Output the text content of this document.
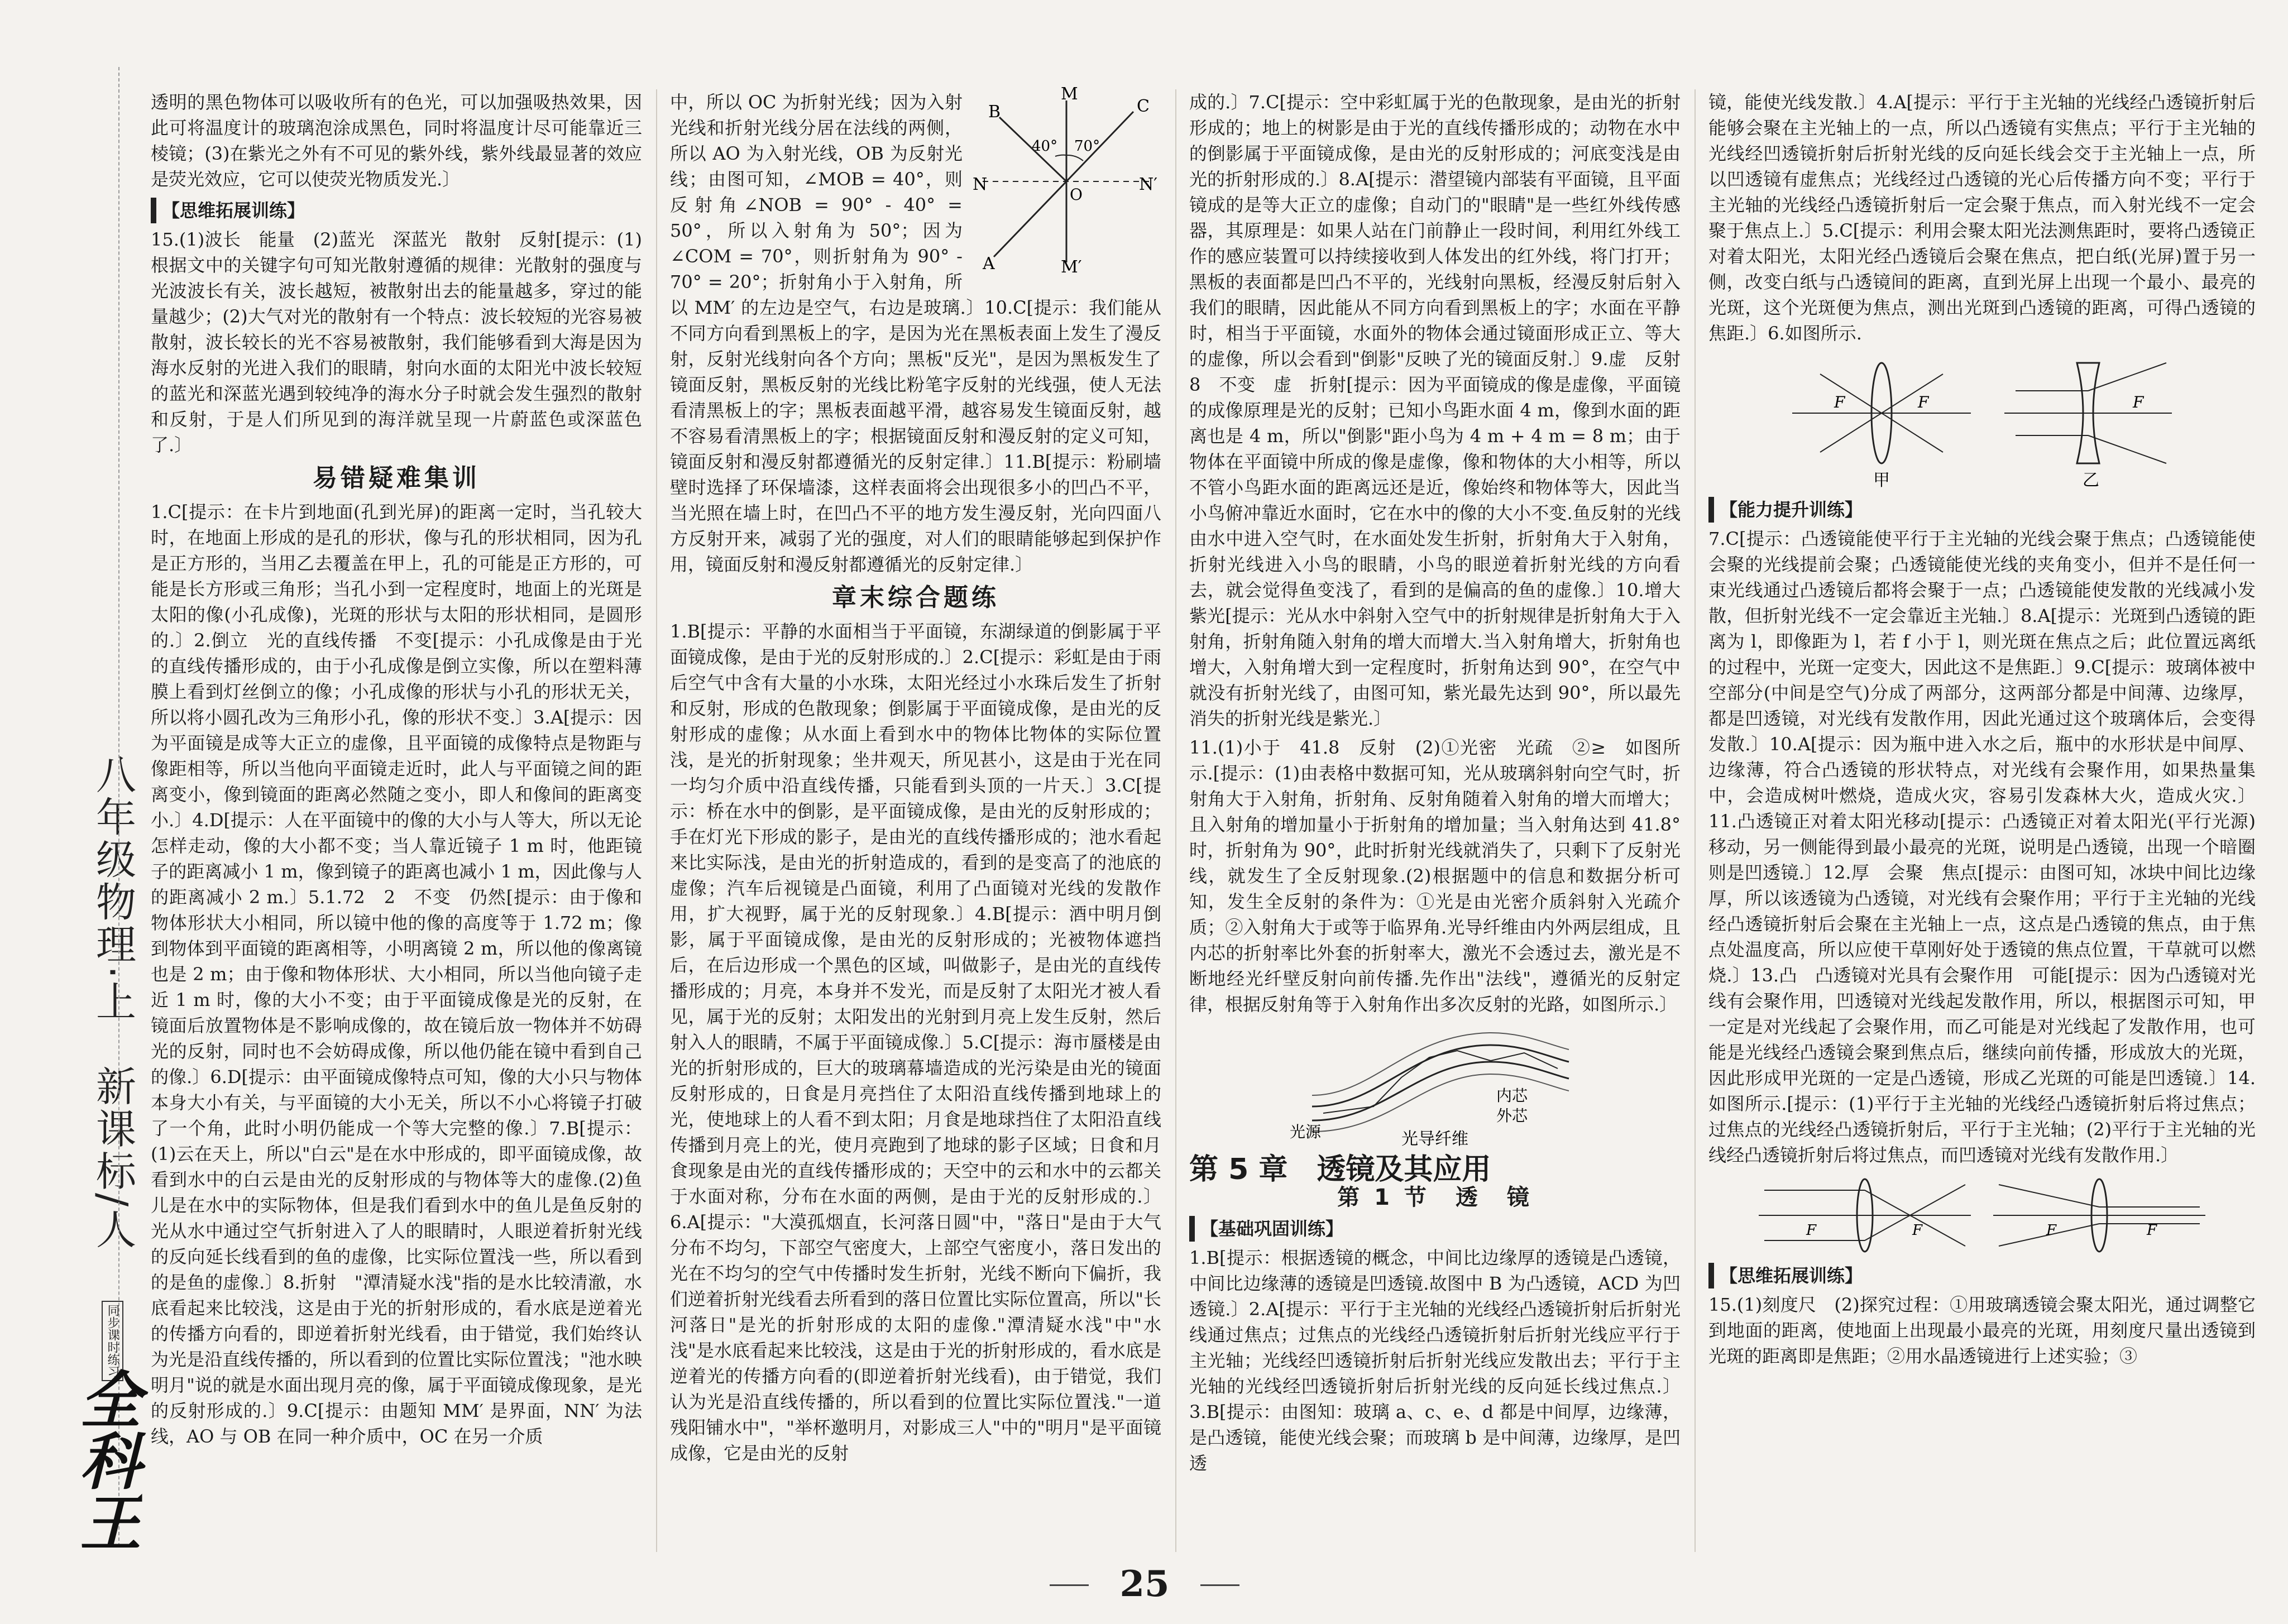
八年级物理·上　新课标/人
同步课时练习
全科王

透明的黑色物体可以吸收所有的色光，可以加强吸热效果，因此可将温度计的玻璃泡涂成黑色，同时将温度计尽可能靠近三棱镜；(3)在紫光之外有不可见的紫外线，紫外线最显著的效应是荧光效应，它可以使荧光物质发光.〕

【思维拓展训练】

15.(1)波长　能量　(2)蓝光　深蓝光　散射　反射[提示：(1)根据文中的关键字句可知光散射遵循的规律：光散射的强度与光波波长有关，波长越短，被散射出去的能量越多，穿过的能量越少；(2)大气对光的散射有一个特点：波长较短的光容易被散射，波长较长的光不容易被散射，我们能够看到大海是因为海水反射的光进入我们的眼睛，射向水面的太阳光中波长较短的蓝光和深蓝光遇到较纯净的海水分子时就会发生强烈的散射和反射，于是人们所见到的海洋就呈现一片蔚蓝色或深蓝色了.〕

易错疑难集训

1.C[提示：在卡片到地面(孔到光屏)的距离一定时，当孔较大时，在地面上形成的是孔的形状，像与孔的形状相同，因为孔是正方形的，当用乙去覆盖在甲上，孔的可能是正方形的，可能是长方形或三角形；当孔小到一定程度时，地面上的光斑是太阳的像(小孔成像)，光斑的形状与太阳的形状相同，是圆形的.〕2.倒立　光的直线传播　不变[提示：小孔成像是由于光的直线传播形成的，由于小孔成像是倒立实像，所以在塑料薄膜上看到灯丝倒立的像；小孔成像的形状与小孔的形状无关，所以将小圆孔改为三角形小孔，像的形状不变.〕3.A[提示：因为平面镜是成等大正立的虚像，且平面镜的成像特点是物距与像距相等，所以当他向平面镜走近时，此人与平面镜之间的距离变小，像到镜面的距离必然随之变小，即人和像间的距离变小.〕4.D[提示：人在平面镜中的像的大小与人等大，所以无论怎样走动，像的大小都不变；当人靠近镜子 1 m 时，他距镜子的距离减小 1 m，像到镜子的距离也减小 1 m，因此像与人的距离减小 2 m.〕5.1.72　2　不变　仍然[提示：由于像和物体形状大小相同，所以镜中他的像的高度等于 1.72 m；像到物体到平面镜的距离相等，小明离镜 2 m，所以他的像离镜也是 2 m；由于像和物体形状、大小相同，所以当他向镜子走近 1 m 时，像的大小不变；由于平面镜成像是光的反射，在镜面后放置物体是不影响成像的，故在镜后放一物体并不妨碍光的反射，同时也不会妨碍成像，所以他仍能在镜中看到自己的像.〕6.D[提示：由平面镜成像特点可知，像的大小只与物体本身大小有关，与平面镜的大小无关，所以不小心将镜子打破了一个角，此时小明仍能成一个等大完整的像.〕7.B[提示：(1)云在天上，所以"白云"是在水中形成的，即平面镜成像，故看到水中的白云是由光的反射形成的与物体等大的虚像.(2)鱼儿是在水中的实际物体，但是我们看到水中的鱼儿是鱼反射的光从水中通过空气折射进入了人的眼睛时，人眼逆着折射光线的反向延长线看到的鱼的虚像，比实际位置浅一些，所以看到的是鱼的虚像.〕8.折射　"潭清疑水浅"指的是水比较清澈，水底看起来比较浅，这是由于光的折射形成的，看水底是逆着光的传播方向看的，即逆着折射光线看，由于错觉，我们始终认为光是沿直线传播的，所以看到的位置比实际位置浅；"池水映明月"说的就是水面出现月亮的像，属于平面镜成像现象，是光的反射形成的.〕9.C[提示：由题知 MM′ 是界面，NN′ 为法线，AO 与 OB 在同一种介质中，OC 在另一介质

M
M′
N	N′
O
A
B	C
40° 70°

中，所以 OC 为折射光线；因为入射光线和折射光线分居在法线的两侧，所以 AO 为入射光线，OB 为反射光线；由图可知，∠MOB = 40°，则反射角∠NOB = 90° - 40° = 50°，所以入射角为 50°；因为∠COM = 70°，则折射角为 90° - 70° = 20°；折射角小于入射角，所以 MM′ 的左边是空气，右边是玻璃.〕10.C[提示：我们能从不同方向看到黑板上的字，是因为光在黑板表面上发生了漫反射，反射光线射向各个方向；黑板"反光"，是因为黑板发生了镜面反射，黑板反射的光线比粉笔字反射的光线强，使人无法看清黑板上的字；黑板表面越平滑，越容易发生镜面反射，越不容易看清黑板上的字；根据镜面反射和漫反射的定义可知，镜面反射和漫反射都遵循光的反射定律.〕11.B[提示：粉刷墙壁时选择了环保墙漆，这样表面将会出现很多小的凹凸不平，当光照在墙上时，在凹凸不平的地方发生漫反射，光向四面八方反射开来，减弱了光的强度，对人们的眼睛能够起到保护作用，镜面反射和漫反射都遵循光的反射定律.〕

章末综合题练

1.B[提示：平静的水面相当于平面镜，东湖绿道的倒影属于平面镜成像，是由于光的反射形成的.〕2.C[提示：彩虹是由于雨后空气中含有大量的小水珠，太阳光经过小水珠后发生了折射和反射，形成的色散现象；倒影属于平面镜成像，是由光的反射形成的虚像；从水面上看到水中的物体比物体的实际位置浅，是光的折射现象；坐井观天，所见甚小，这是由于光在同一均匀介质中沿直线传播，只能看到头顶的一片天.〕3.C[提示：桥在水中的倒影，是平面镜成像，是由光的反射形成的；手在灯光下形成的影子，是由光的直线传播形成的；池水看起来比实际浅，是由光的折射造成的，看到的是变高了的池底的虚像；汽车后视镜是凸面镜，利用了凸面镜对光线的发散作用，扩大视野，属于光的反射现象.〕4.B[提示：酒中明月倒影，属于平面镜成像，是由光的反射形成的；光被物体遮挡后，在后边形成一个黑色的区域，叫做影子，是由光的直线传播形成的；月亮，本身并不发光，而是反射了太阳光才被人看见，属于光的反射；太阳发出的光射到月亮上发生反射，然后射入人的眼睛，不属于平面镜成像.〕5.C[提示：海市蜃楼是由光的折射形成的，巨大的玻璃幕墙造成的光污染是由光的镜面反射形成的，日食是月亮挡住了太阳沿直线传播到地球上的光，使地球上的人看不到太阳；月食是地球挡住了太阳沿直线传播到月亮上的光，使月亮跑到了地球的影子区域；日食和月食现象是由光的直线传播形成的；天空中的云和水中的云都关于水面对称，分布在水面的两侧，是由于光的反射形成的.〕6.A[提示："大漠孤烟直，长河落日圆"中，"落日"是由于大气分布不均匀，下部空气密度大，上部空气密度小，落日发出的光在不均匀的空气中传播时发生折射，光线不断向下偏折，我们逆着折射光线看去所看到的落日位置比实际位置高，所以"长河落日"是光的折射形成的太阳的虚像."潭清疑水浅"中"水浅"是水底看起来比较浅，这是由于光的折射形成的，看水底是逆着光的传播方向看的(即逆着折射光线看)，由于错觉，我们认为光是沿直线传播的，所以看到的位置比实际位置浅."一道残阳铺水中"，"举杯邀明月，对影成三人"中的"明月"是平面镜成像，它是由光的反射

成的.〕7.C[提示：空中彩虹属于光的色散现象，是由光的折射形成的；地上的树影是由于光的直线传播形成的；动物在水中的倒影属于平面镜成像，是由光的反射形成的；河底变浅是由光的折射形成的.〕8.A[提示：潜望镜内部装有平面镜，且平面镜成的是等大正立的虚像；自动门的"眼睛"是一些红外线传感器，其原理是：如果人站在门前静止一段时间，利用红外线工作的感应装置可以持续接收到人体发出的红外线，将门打开；黑板的表面都是凹凸不平的，光线射向黑板，经漫反射后射入我们的眼睛，因此能从不同方向看到黑板上的字；水面在平静时，相当于平面镜，水面外的物体会通过镜面形成正立、等大的虚像，所以会看到"倒影"反映了光的镜面反射.〕9.虚　反射　8　不变　虚　折射[提示：因为平面镜成的像是虚像，平面镜的成像原理是光的反射；已知小鸟距水面 4 m，像到水面的距离也是 4 m，所以"倒影"距小鸟为 4 m + 4 m = 8 m；由于物体在平面镜中所成的像是虚像，像和物体的大小相等，所以不管小鸟距水面的距离远还是近，像始终和物体等大，因此当小鸟俯冲靠近水面时，它在水中的像的大小不变.鱼反射的光线由水中进入空气时，在水面处发生折射，折射角大于入射角，折射光线进入小鸟的眼睛，小鸟的眼逆着折射光线的方向看去，就会觉得鱼变浅了，看到的是偏高的鱼的虚像.〕10.增大　紫光[提示：光从水中斜射入空气中的折射规律是折射角大于入射角，折射角随入射角的增大而增大.当入射角增大，折射角也增大，入射角增大到一定程度时，折射角达到 90°，在空气中就没有折射光线了，由图可知，紫光最先达到 90°，所以最先消失的折射光线是紫光.〕

11.(1)小于　41.8　反射　(2)①光密　光疏　②≥　如图所示.[提示：(1)由表格中数据可知，光从玻璃斜射向空气时，折射角大于入射角，折射角、反射角随着入射角的增大而增大；且入射角的增加量小于折射角的增加量；当入射角达到 41.8°时，折射角为 90°，此时折射光线就消失了，只剩下了反射光线，就发生了全反射现象.(2)根据题中的信息和数据分析可知，发生全反射的条件为：①光是由光密介质斜射入光疏介质；②入射角大于或等于临界角.光导纤维由内外两层组成，且内芯的折射率比外套的折射率大，激光不会透过去，激光是不断地经光纤壁反射向前传播.先作出"法线"，遵循光的反射定律，根据反射角等于入射角作出多次反射的光路，如图所示.〕

光源
内芯
外芯
光导纤维
第 5 章　透镜及其应用
第 1 节　透　镜
【基础巩固训练】

1.B[提示：根据透镜的概念，中间比边缘厚的透镜是凸透镜，中间比边缘薄的透镜是凹透镜.故图中 B 为凸透镜，ACD 为凹透镜.〕2.A[提示：平行于主光轴的光线经凸透镜折射后折射光线通过焦点；过焦点的光线经凸透镜折射后折射光线应平行于主光轴；光线经凹透镜折射后折射光线应发散出去；平行于主光轴的光线经凹透镜折射后折射光线的反向延长线过焦点.〕3.B[提示：由图知：玻璃 a、c、e、d 都是中间厚，边缘薄，是凸透镜，能使光线会聚；而玻璃 b 是中间薄，边缘厚，是凹透

镜，能使光线发散.〕4.A[提示：平行于主光轴的光线经凸透镜折射后能够会聚在主光轴上的一点，所以凸透镜有实焦点；平行于主光轴的光线经凹透镜折射后折射光线的反向延长线会交于主光轴上一点，所以凹透镜有虚焦点；光线经过凸透镜的光心后传播方向不变；平行于主光轴的光线经凸透镜折射后一定会聚于焦点，而入射光线不一定会聚于焦点上.〕5.C[提示：利用会聚太阳光法测焦距时，要将凸透镜正对着太阳光，太阳光经凸透镜后会聚在焦点，把白纸(光屏)置于另一侧，改变白纸与凸透镜间的距离，直到光屏上出现一个最小、最亮的光斑，这个光斑便为焦点，测出光斑到凸透镜的距离，可得凸透镜的焦距.〕6.如图所示.

F	F
甲
F
乙
【能力提升训练】

7.C[提示：凸透镜能使平行于主光轴的光线会聚于焦点；凸透镜能使会聚的光线提前会聚；凸透镜能使光线的夹角变小，但并不是任何一束光线通过凸透镜后都将会聚于一点；凸透镜能使发散的光线减小发散，但折射光线不一定会靠近主光轴.〕8.A[提示：光斑到凸透镜的距离为 l，即像距为 l，若 f 小于 l，则光斑在焦点之后；此位置远离纸的过程中，光斑一定变大，因此这不是焦距.〕9.C[提示：玻璃体被中空部分(中间是空气)分成了两部分，这两部分都是中间薄、边缘厚，都是凹透镜，对光线有发散作用，因此光通过这个玻璃体后，会变得发散.〕10.A[提示：因为瓶中进入水之后，瓶中的水形状是中间厚、边缘薄，符合凸透镜的形状特点，对光线有会聚作用，如果热量集中，会造成树叶燃烧，造成火灾，容易引发森林大火，造成火灾.〕11.凸透镜正对着太阳光移动[提示：凸透镜正对着太阳光(平行光源)移动，另一侧能得到最小最亮的光斑，说明是凸透镜，出现一个暗圈则是凹透镜.〕12.厚　会聚　焦点[提示：由图可知，冰块中间比边缘厚，所以该透镜为凸透镜，对光线有会聚作用；平行于主光轴的光线经凸透镜折射后会聚在主光轴上一点，这点是凸透镜的焦点，由于焦点处温度高，所以应使干草刚好处于透镜的焦点位置，干草就可以燃烧.〕13.凸　凸透镜对光具有会聚作用　可能[提示：因为凸透镜对光线有会聚作用，凹透镜对光线起发散作用，所以，根据图示可知，甲一定是对光线起了会聚作用，而乙可能是对光线起了发散作用，也可能是光线经凸透镜会聚到焦点后，继续向前传播，形成放大的光斑，因此形成甲光斑的一定是凸透镜，形成乙光斑的可能是凹透镜.〕14.如图所示.[提示：(1)平行于主光轴的光线经凸透镜折射后将过焦点；过焦点的光线经凸透镜折射后，平行于主光轴；(2)平行于主光轴的光线经凸透镜折射后将过焦点，而凹透镜对光线有发散作用.〕

F	F	F	F
【思维拓展训练】

15.(1)刻度尺　(2)探究过程：①用玻璃透镜会聚太阳光，通过调整它到地面的距离，使地面上出现最小最亮的光斑，用刻度尺量出透镜到光斑的距离即是焦距；②用水晶透镜进行上述实验；③

25
